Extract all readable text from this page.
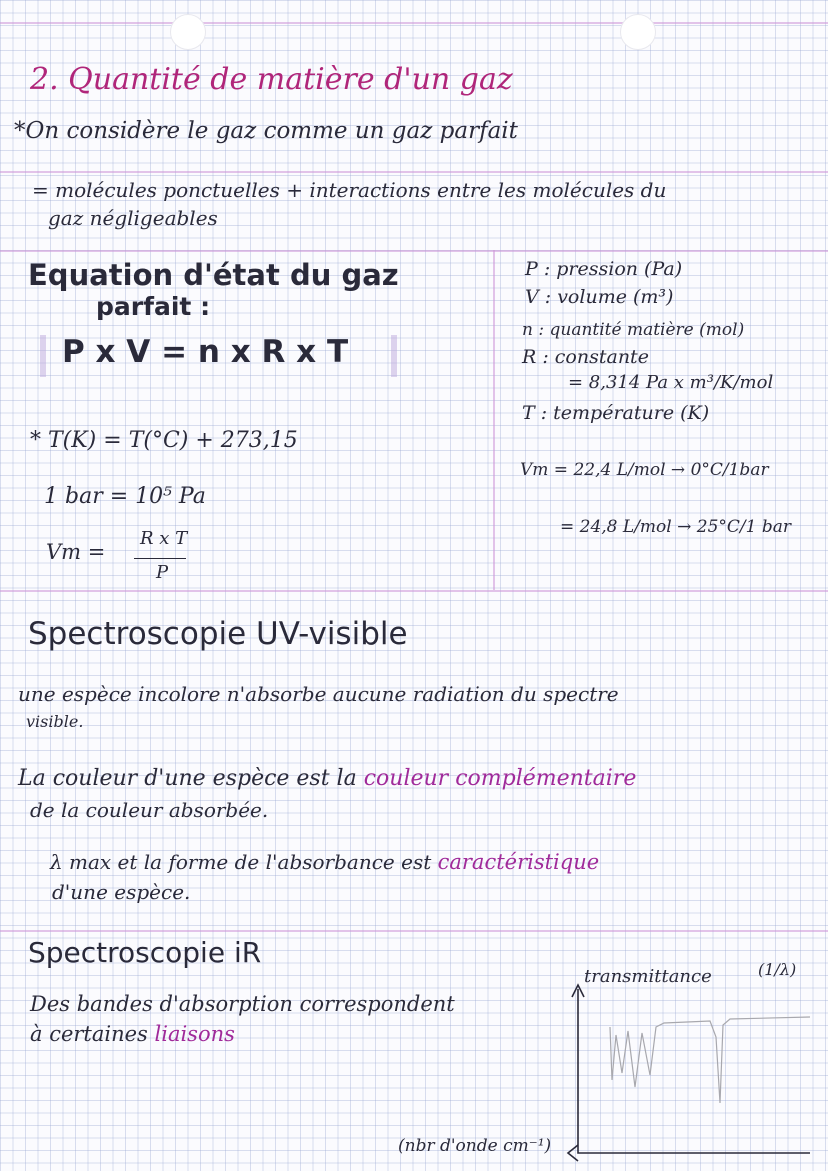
2. Quantité de matière d'un gaz
*On considère le gaz comme un gaz parfait
= molécules ponctuelles + interactions entre les molécules du
gaz négligeables
Equation d'état du gaz
parfait :
P x V = n x R x T
P : pression (Pa)
V : volume (m³)
n : quantité matière (mol)
R : constante
= 8,314 Pa x m³/K/mol
T : température (K)
* T(K) = T(°C) + 273,15
1 bar = 10⁵ Pa
Vm =
R x T
P
Vm = 22,4 L/mol → 0°C/1bar
= 24,8 L/mol → 25°C/1 bar
Spectroscopie UV-visible
une espèce incolore n'absorbe aucune radiation du spectre
visible.
La couleur d'une espèce est la couleur complémentaire
de la couleur absorbée.
λ max et la forme de l'absorbance est caractéristique
d'une espèce.
Spectroscopie iR
Des bandes d'absorption correspondent
à certaines liaisons
transmittance	(1/λ)
(nbr d'onde cm⁻¹)
